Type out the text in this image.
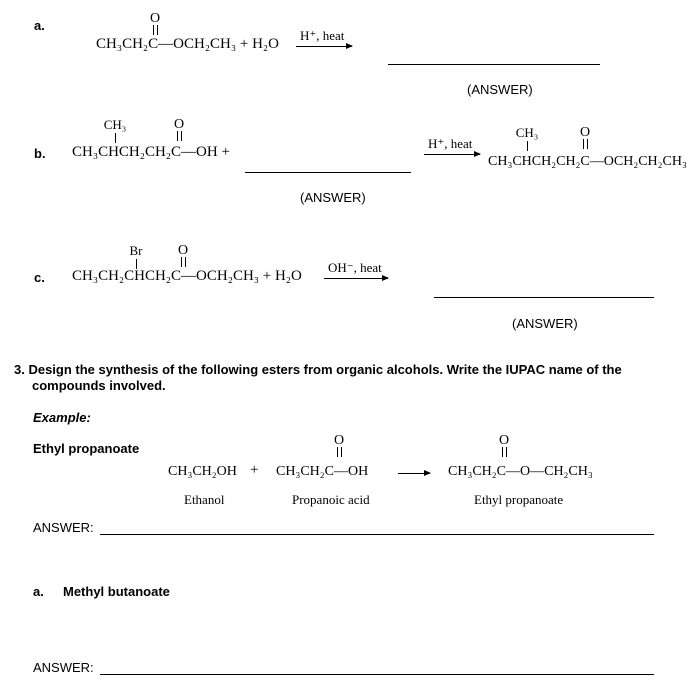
a.	O
CH₃CH₂C—OCH₂CH₃ + H₂O
H⁺, heat
(ANSWER)
b.
CH₃	O
CH₃CHCH₂CH₂C—OH +
(ANSWER)
H⁺, heat
CH₃	O
CH₃CHCH₂CH₂C—OCH₂CH₂CH₃
c.
Br	O
CH₃CH₂CHCH₂C—OCH₂CH₃ + H₂O
OH⁻, heat
(ANSWER)
3. Design the synthesis of the following esters from organic alcohols. Write the IUPAC name of the compounds involved.
Example:
Ethyl propanoate
CH₃CH₂OH +
O
CH₃CH₂C—OH
O
CH₃CH₂C—O—CH₂CH₃
Ethanol	Propanoic acid	Ethyl propanoate
ANSWER:
a. Methyl butanoate
ANSWER:
